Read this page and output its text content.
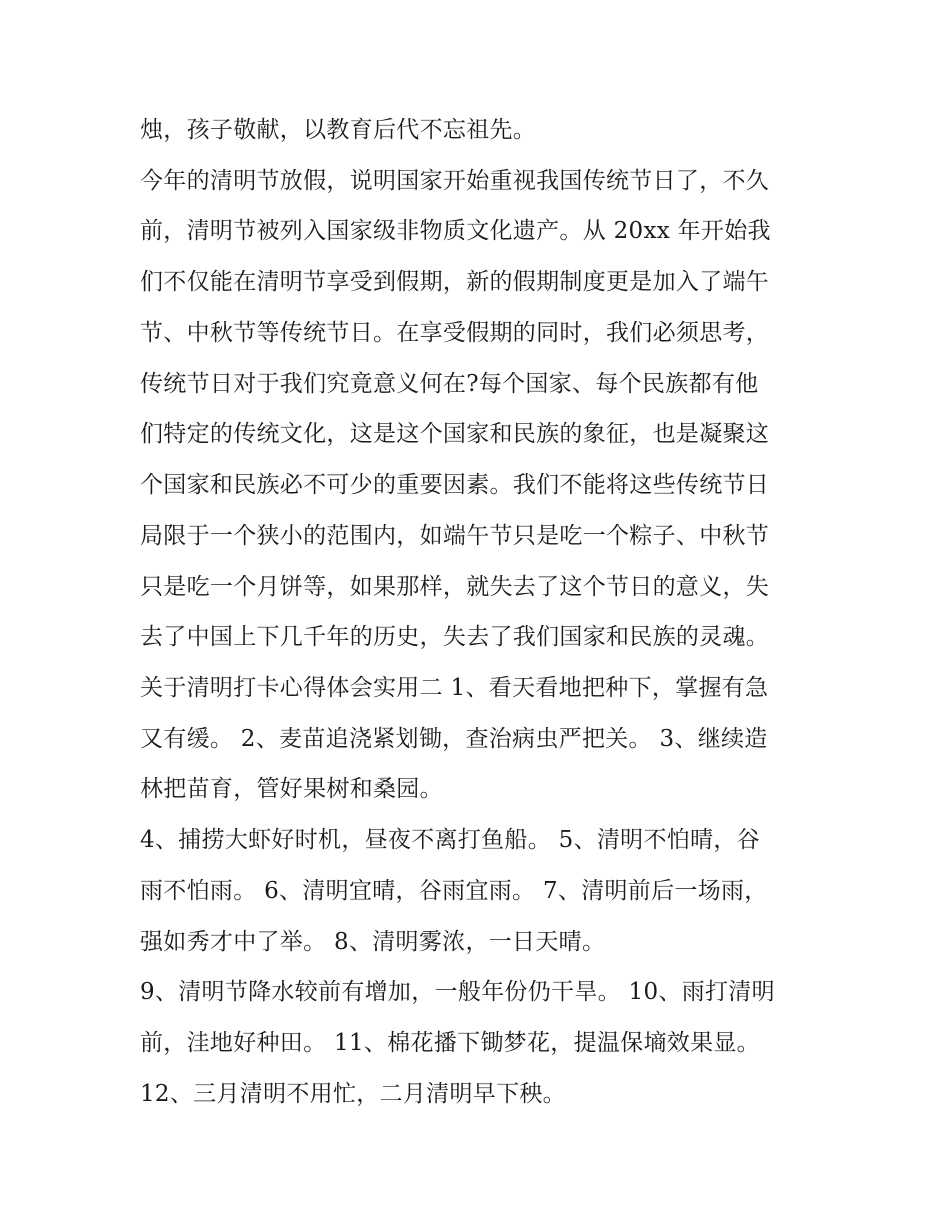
烛，孩子敬献，以教育后代不忘祖先。
今年的清明节放假，说明国家开始重视我国传统节日了，不久
前，清明节被列入国家级非物质文化遗产。从 20xx 年开始我
们不仅能在清明节享受到假期，新的假期制度更是加入了端午
节、中秋节等传统节日。在享受假期的同时，我们必须思考，
传统节日对于我们究竟意义何在?每个国家、每个民族都有他
们特定的传统文化，这是这个国家和民族的象征，也是凝聚这
个国家和民族必不可少的重要因素。我们不能将这些传统节日
局限于一个狭小的范围内，如端午节只是吃一个粽子、中秋节
只是吃一个月饼等，如果那样，就失去了这个节日的意义，失
去了中国上下几千年的历史，失去了我们国家和民族的灵魂。
关于清明打卡心得体会实用二 1、看天看地把种下，掌握有急
又有缓。 2、麦苗追浇紧划锄，查治病虫严把关。 3、继续造
林把苗育，管好果树和桑园。
4、捕捞大虾好时机，昼夜不离打鱼船。 5、清明不怕晴，谷
雨不怕雨。 6、清明宜晴，谷雨宜雨。 7、清明前后一场雨，
强如秀才中了举。 8、清明雾浓，一日天晴。
9、清明节降水较前有增加，一般年份仍干旱。 10、雨打清明
前，洼地好种田。 11、棉花播下锄梦花，提温保墒效果显。
12、三月清明不用忙，二月清明早下秧。
